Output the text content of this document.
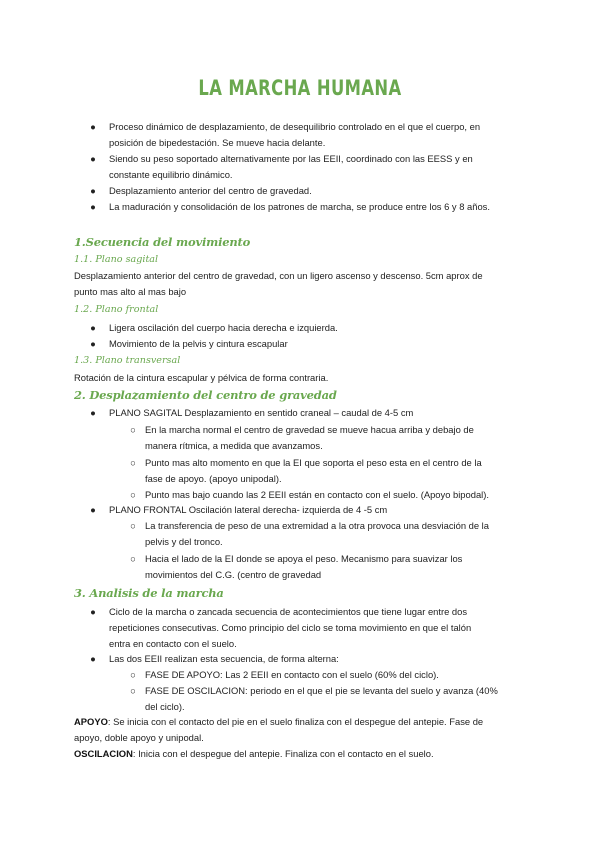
LA MARCHA HUMANA
● Proceso dinámico de desplazamiento, de desequilibrio controlado en el que el cuerpo, en
posición de bipedestación. Se mueve hacia delante.
● Siendo su peso soportado alternativamente por las EEII, coordinado con las EESS y en
constante equilibrio dinámico.
● Desplazamiento anterior del centro de gravedad.
● La maduración y consolidación de los patrones de marcha, se produce entre los 6 y 8 años.
1.Secuencia del movimiento
1.1. Plano sagital
Desplazamiento anterior del centro de gravedad, con un ligero ascenso y descenso. 5cm aprox de
punto mas alto al mas bajo
1.2. Plano frontal
● Ligera oscilación del cuerpo hacia derecha e izquierda.
● Movimiento de la pelvis y cintura escapular
1.3. Plano transversal
Rotación de la cintura escapular y pélvica de forma contraria.
2. Desplazamiento del centro de gravedad
● PLANO SAGITAL Desplazamiento en sentido craneal – caudal de 4-5 cm
○ En la marcha normal el centro de gravedad se mueve hacua arriba y debajo de
manera rítmica, a medida que avanzamos.
○ Punto mas alto momento en que la EI que soporta el peso esta en el centro de la
fase de apoyo. (apoyo unipodal).
○ Punto mas bajo cuando las 2 EEII están en contacto con el suelo. (Apoyo bipodal).
● PLANO FRONTAL Oscilación lateral derecha- izquierda de 4 -5 cm
○ La transferencia de peso de una extremidad a la otra provoca una desviación de la
pelvis y del tronco.
○ Hacia el lado de la EI donde se apoya el peso. Mecanismo para suavizar los
movimientos del C.G. (centro de gravedad
3. Analisis de la marcha
● Ciclo de la marcha o zancada secuencia de acontecimientos que tiene lugar entre dos
repeticiones consecutivas. Como principio del ciclo se toma movimiento en que el talón
entra en contacto con el suelo.
● Las dos EEII realizan esta secuencia, de forma alterna:
○ FASE DE APOYO: Las 2 EEII en contacto con el suelo (60% del ciclo).
○ FASE DE OSCILACION: periodo en el que el pie se levanta del suelo y avanza (40%
del ciclo).
APOYO: Se inicia con el contacto del pie en el suelo finaliza con el despegue del antepie. Fase de
apoyo, doble apoyo y unipodal.
OSCILACION: Inicia con el despegue del antepie. Finaliza con el contacto en el suelo.
